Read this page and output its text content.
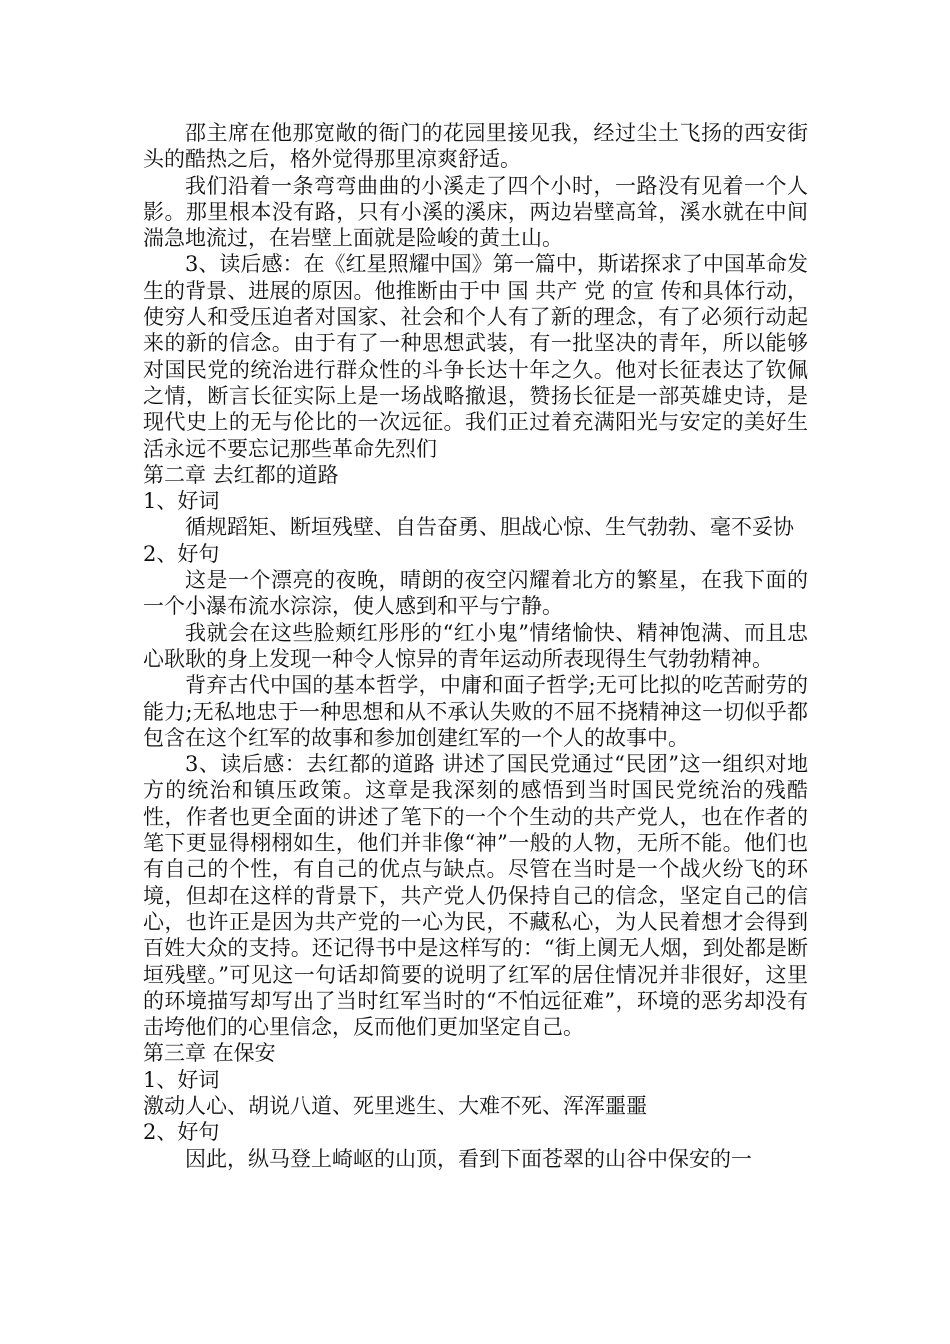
邵主席在他那宽敞的衙门的花园里接见我，经过尘土飞扬的西安街头的酷热之后，格外觉得那里凉爽舒适。

我们沿着一条弯弯曲曲的小溪走了四个小时，一路没有见着一个人影。那里根本没有路，只有小溪的溪床，两边岩壁高耸，溪水就在中间湍急地流过，在岩壁上面就是险峻的黄土山。

3、读后感：在《红星照耀中国》第一篇中，斯诺探求了中国革命发生的背景、进展的原因。他推断由于中 国 共产 党 的宣 传和具体行动，使穷人和受压迫者对国家、社会和个人有了新的理念，有了必须行动起来的新的信念。由于有了一种思想武装，有一批坚决的青年，所以能够对国民党的统治进行群众性的斗争长达十年之久。他对长征表达了钦佩之情，断言长征实际上是一场战略撤退，赞扬长征是一部英雄史诗，是现代史上的无与伦比的一次远征。我们正过着充满阳光与安定的美好生活永远不要忘记那些革命先烈们

第二章 去红都的道路

1、好词

循规蹈矩、断垣残壁、自告奋勇、胆战心惊、生气勃勃、毫不妥协

2、好句

这是一个漂亮的夜晚，晴朗的夜空闪耀着北方的繁星，在我下面的一个小瀑布流水淙淙，使人感到和平与宁静。

我就会在这些脸颊红彤彤的“红小鬼”情绪愉快、精神饱满、而且忠心耿耿的身上发现一种令人惊异的青年运动所表现得生气勃勃精神。

背弃古代中国的基本哲学，中庸和面子哲学;无可比拟的吃苦耐劳的能力;无私地忠于一种思想和从不承认失败的不屈不挠精神这一切似乎都包含在这个红军的故事和参加创建红军的一个人的故事中。

3、读后感：去红都的道路 讲述了国民党通过“民团”这一组织对地方的统治和镇压政策。这章是我深刻的感悟到当时国民党统治的残酷性，作者也更全面的讲述了笔下的一个个生动的共产党人，也在作者的笔下更显得栩栩如生，他们并非像“神”一般的人物，无所不能。他们也有自己的个性，有自己的优点与缺点。尽管在当时是一个战火纷飞的环境，但却在这样的背景下，共产党人仍保持自己的信念，坚定自己的信心，也许正是因为共产党的一心为民，不藏私心，为人民着想才会得到百姓大众的支持。还记得书中是这样写的：“街上阒无人烟，到处都是断垣残壁。”可见这一句话却简要的说明了红军的居住情况并非很好，这里的环境描写却写出了当时红军当时的“不怕远征难”，环境的恶劣却没有击垮他们的心里信念，反而他们更加坚定自己。

第三章 在保安

1、好词

激动人心、胡说八道、死里逃生、大难不死、浑浑噩噩

2、好句

因此，纵马登上崎岖的山顶，看到下面苍翠的山谷中保安的一
